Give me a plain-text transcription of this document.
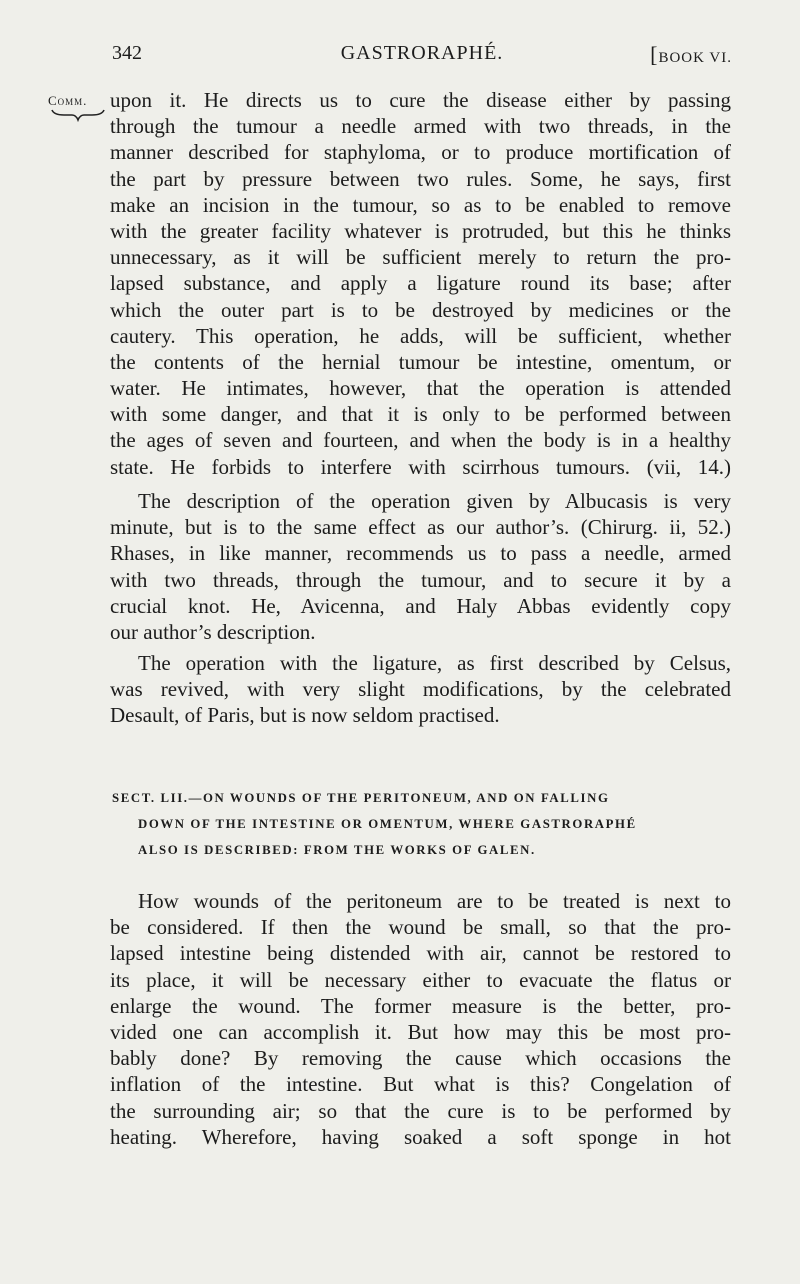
342	GASTRORAPHÉ.	[BOOK VI.
Comm. upon it. He directs us to cure the disease either by passing
through the tumour a needle armed with two threads, in the
manner described for staphyloma, or to produce mortification of
the part by pressure between two rules. Some, he says, first
make an incision in the tumour, so as to be enabled to remove
with the greater facility whatever is protruded, but this he thinks
unnecessary, as it will be sufficient merely to return the pro-
lapsed substance, and apply a ligature round its base; after
which the outer part is to be destroyed by medicines or the
cautery. This operation, he adds, will be sufficient, whether
the contents of the hernial tumour be intestine, omentum, or
water. He intimates, however, that the operation is attended
with some danger, and that it is only to be performed between
the ages of seven and fourteen, and when the body is in a healthy
state. He forbids to interfere with scirrhous tumours. (vii, 14.)
The description of the operation given by Albucasis is very
minute, but is to the same effect as our author’s. (Chirurg. ii, 52.)
Rhases, in like manner, recommends us to pass a needle, armed
with two threads, through the tumour, and to secure it by a
crucial knot. He, Avicenna, and Haly Abbas evidently copy
our author’s description.
The operation with the ligature, as first described by Celsus,
was revived, with very slight modifications, by the celebrated
Desault, of Paris, but is now seldom practised.
SECT. LII.—ON WOUNDS OF THE PERITONEUM, AND ON FALLING
DOWN OF THE INTESTINE OR OMENTUM, WHERE GASTRORAPHÉ
ALSO IS DESCRIBED: FROM THE WORKS OF GALEN.
How wounds of the peritoneum are to be treated is next to
be considered. If then the wound be small, so that the pro-
lapsed intestine being distended with air, cannot be restored to
its place, it will be necessary either to evacuate the flatus or
enlarge the wound. The former measure is the better, pro-
vided one can accomplish it. But how may this be most pro-
bably done? By removing the cause which occasions the
inflation of the intestine. But what is this? Congelation of
the surrounding air; so that the cure is to be performed by
heating. Wherefore, having soaked a soft sponge in hot
